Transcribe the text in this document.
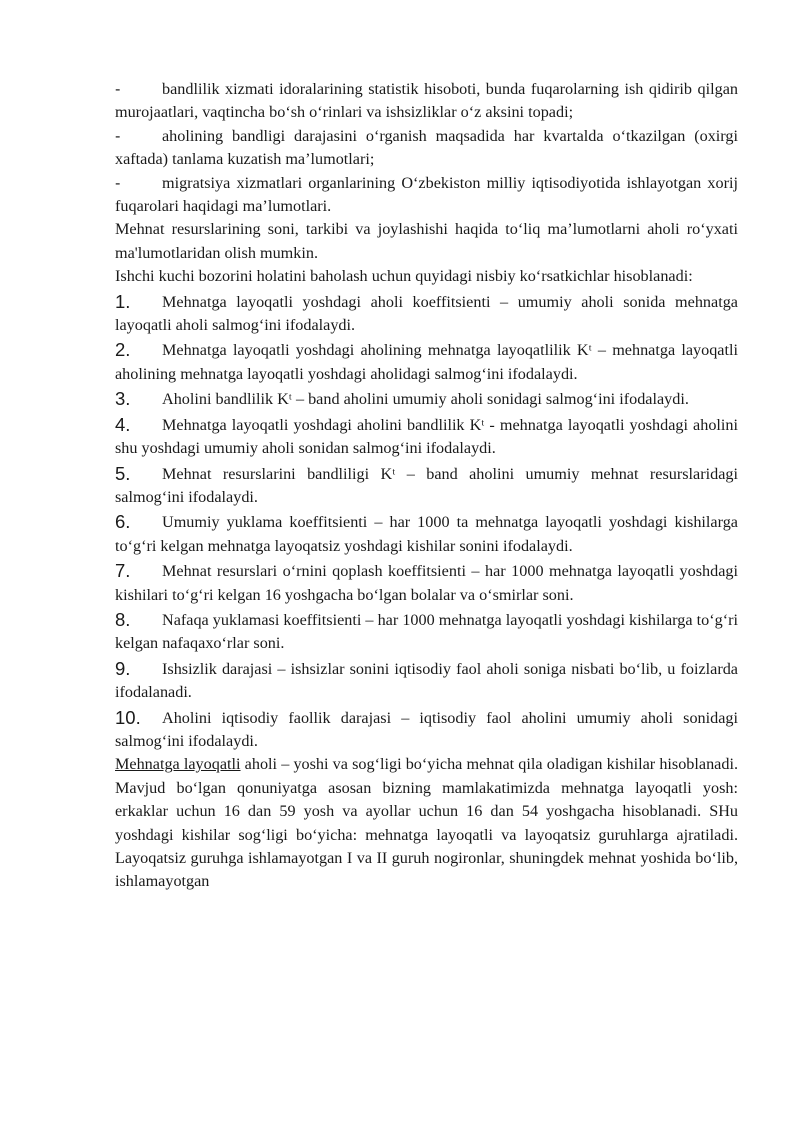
-	bandlilik xizmati idoralarining statistik hisoboti, bunda fuqarolarning ish qidirib qilgan murojaatlari, vaqtincha bo‘sh o‘rinlari va ishsizliklar o‘z aksini topadi;

-	aholining bandligi darajasini o‘rganish maqsadida har kvartalda o‘tkazilgan (oxirgi xaftada) tanlama kuzatish ma’lumotlari;

-	migratsiya xizmatlari organlarining O‘zbekiston milliy iqtisodiyotida ishlayotgan xorij fuqarolari haqidagi ma’lumotlari.

Mehnat resurslarining soni, tarkibi va joylashishi haqida to‘liq ma’lumotlarni aholi ro‘yxati ma'lumotlaridan olish mumkin.

Ishchi kuchi bozorini holatini baholash uchun quyidagi nisbiy ko‘rsatkichlar hisoblanadi:

1. Mehnatga layoqatli yoshdagi aholi koeffitsienti – umumiy aholi sonida mehnatga layoqatli aholi salmog‘ini ifodalaydi.

2. Mehnatga layoqatli yoshdagi aholining mehnatga layoqatlilik Kᵗ – mehnatga layoqatli aholining mehnatga layoqatli yoshdagi aholidagi salmog‘ini ifodalaydi.

3. Aholini bandlilik Kᵗ – band aholini umumiy aholi sonidagi salmog‘ini ifodalaydi.

4. Mehnatga layoqatli yoshdagi aholini bandlilik Kᵗ - mehnatga layoqatli yoshdagi aholini shu yoshdagi umumiy aholi sonidan salmog‘ini ifodalaydi.

5. Mehnat resurslarini bandliligi Kᵗ – band aholini umumiy mehnat resurslaridagi salmog‘ini ifodalaydi.

6. Umumiy yuklama koeffitsienti – har 1000 ta mehnatga layoqatli yoshdagi kishilarga to‘g‘ri kelgan mehnatga layoqatsiz yoshdagi kishilar sonini ifodalaydi.

7. Mehnat resurslari o‘rnini qoplash koeffitsienti – har 1000 mehnatga layoqatli yoshdagi kishilari to‘g‘ri kelgan 16 yoshgacha bo‘lgan bolalar va o‘smirlar soni.

8. Nafaqa yuklamasi koeffitsienti – har 1000 mehnatga layoqatli yoshdagi kishilarga to‘g‘ri kelgan nafaqaxo‘rlar soni.

9. Ishsizlik darajasi – ishsizlar sonini iqtisodiy faol aholi soniga nisbati bo‘lib, u foizlarda ifodalanadi.

10. Aholini iqtisodiy faollik darajasi – iqtisodiy faol aholini umumiy aholi sonidagi salmog‘ini ifodalaydi.

Mehnatga layoqatli aholi – yoshi va sog‘ligi bo‘yicha mehnat qila oladigan kishilar hisoblanadi. Mavjud bo‘lgan qonuniyatga asosan bizning mamlakatimizda mehnatga layoqatli yosh: erkaklar uchun 16 dan 59 yosh va ayollar uchun 16 dan 54 yoshgacha hisoblanadi. SHu yoshdagi kishilar sog‘ligi bo‘yicha: mehnatga layoqatli va layoqatsiz guruhlarga ajratiladi. Layoqatsiz guruhga ishlamayotgan I va II guruh nogironlar, shuningdek mehnat yoshida bo‘lib, ishlamayotgan
